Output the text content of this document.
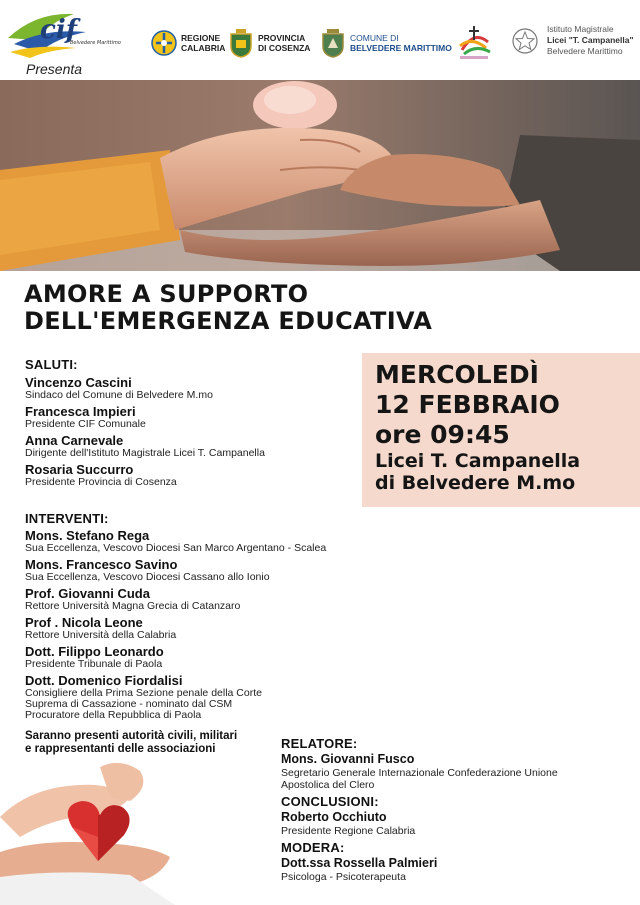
cif
Belvedere Marittimo
Presenta
REGIONE
CALABRIA
PROVINCIA
DI COSENZA
COMUNE DI
BELVEDERE MARITTIMO
Istituto Magistrale
Licei "T. Campanella"
Belvedere Marittimo
AMORE A SUPPORTO
DELL'EMERGENZA EDUCATIVA
SALUTI:
Vincenzo Cascini
Sindaco del Comune di Belvedere M.mo
Francesca Impieri
Presidente CIF Comunale
Anna Carnevale
Dirigente dell'Istituto Magistrale Licei T. Campanella
Rosaria Succurro
Presidente Provincia di Cosenza
MERCOLEDÌ
12 FEBBRAIO
ore 09:45
Licei T. Campanella
di Belvedere M.mo
INTERVENTI:
Mons. Stefano Rega
Sua Eccellenza, Vescovo Diocesi San Marco Argentano - Scalea
Mons. Francesco Savino
Sua Eccellenza, Vescovo Diocesi Cassano allo Ionio
Prof. Giovanni Cuda
Rettore Università Magna Grecia di Catanzaro
Prof . Nicola Leone
Rettore Università della Calabria
Dott. Filippo Leonardo
Presidente Tribunale di Paola
Dott. Domenico Fiordalisi
Consigliere della Prima Sezione penale della Corte
Suprema di Cassazione - nominato dal CSM
Procuratore della Repubblica di Paola
Saranno presenti autorità civili, militari
e rappresentanti delle associazioni	RELATORE:
Mons. Giovanni Fusco
Segretario Generale Internazionale Confederazione Unione
Apostolica del Clero
CONCLUSIONI:
Roberto Occhiuto
Presidente Regione Calabria
MODERA:
Dott.ssa Rossella Palmieri
Psicologa - Psicoterapeuta
